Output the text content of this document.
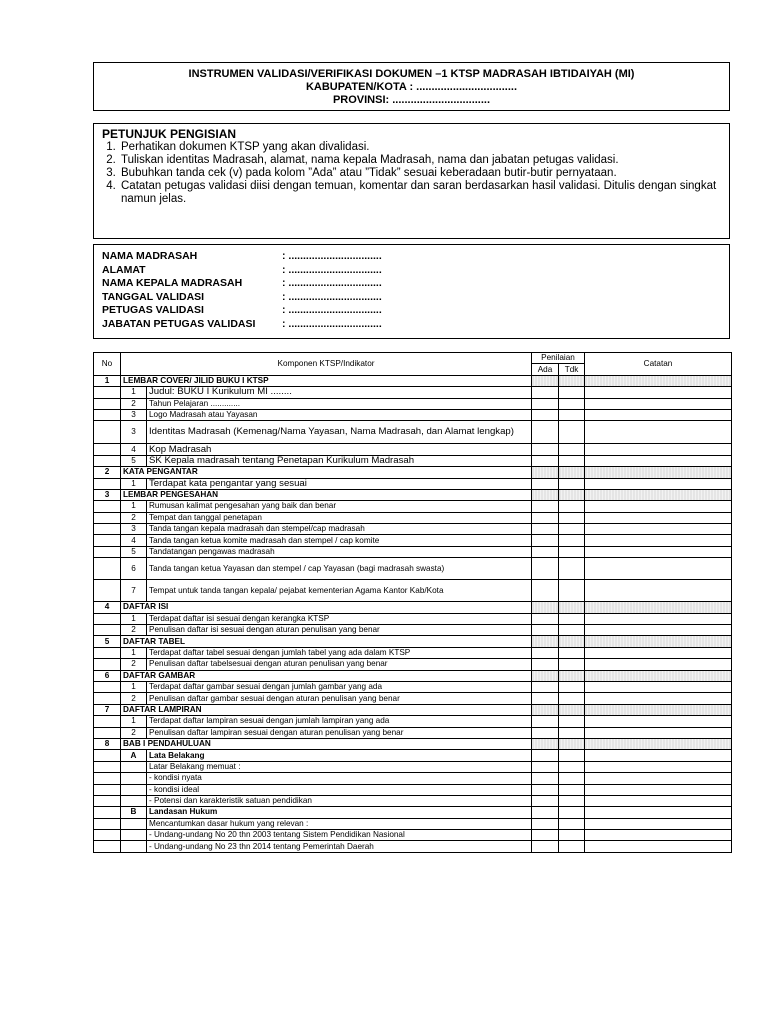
INSTRUMEN VALIDASI/VERIFIKASI DOKUMEN –1 KTSP MADRASAH IBTIDAIYAH (MI)
KABUPATEN/KOTA : .................................
PROVINSI: ................................
PETUNJUK PENGISIAN
1. Perhatikan dokumen KTSP yang akan divalidasi.
2. Tuliskan identitas Madrasah, alamat, nama kepala Madrasah, nama dan jabatan petugas validasi.
3. Bubuhkan tanda cek (v) pada kolom ”Ada” atau ”Tidak” sesuai keberadaan butir-butir pernyataan.
4. Catatan petugas validasi diisi dengan temuan, komentar dan saran berdasarkan hasil validasi. Ditulis dengan singkat namun jelas.
NAMA MADRASAH	: ................................
ALAMAT	: ................................
NAMA KEPALA MADRASAH	: ................................
TANGGAL VALIDASI	: ................................
PETUGAS VALIDASI	: ................................
JABATAN PETUGAS VALIDASI	: ................................
No	Komponen KTSP/Indikator		Penilaian		Catatan
			Ada	Tdk	
1	LEMBAR COVER/ JILID BUKU I KTSP				
	1	Judul: BUKU I Kurikulum MI ........			
	2	Tahun Pelajaran .............			
	3	Logo Madrasah atau Yayasan			
	3	Identitas Madrasah (Kemenag/Nama Yayasan, Nama Madrasah, dan Alamat lengkap)			
	4	Kop Madrasah			
	5	SK Kepala madrasah tentang Penetapan Kurikulum Madrasah			
2	KATA PENGANTAR				
	1	Terdapat kata pengantar yang sesuai			
3	LEMBAR PENGESAHAN				
	1	Rumusan kalimat pengesahan yang baik dan benar			
	2	Tempat dan tanggal penetapan			
	3	Tanda tangan kepala madrasah dan stempel/cap madrasah			
	4	Tanda tangan ketua komite madrasah dan stempel / cap komite			
	5	Tandatangan pengawas madrasah			
	6	Tanda tangan ketua Yayasan dan stempel / cap Yayasan (bagi madrasah swasta)			
	7	Tempat untuk tanda tangan kepala/ pejabat kementerian Agama Kantor Kab/Kota			
4	DAFTAR ISI				
	1	Terdapat daftar isi sesuai dengan kerangka KTSP			
	2	Penulisan daftar isi sesuai dengan aturan penulisan yang benar			
5	DAFTAR TABEL				
	1	Terdapat daftar tabel sesuai dengan jumlah tabel yang ada dalam KTSP			
	2	Penulisan daftar tabelsesuai dengan aturan penulisan yang benar			
6	DAFTAR GAMBAR				
	1	Terdapat daftar gambar sesuai dengan jumlah gambar yang ada			
	2	Penulisan daftar gambar sesuai dengan aturan penulisan yang benar			
7	DAFTAR LAMPIRAN				
	1	Terdapat daftar lampiran sesuai dengan jumlah lampiran yang ada			
	2	Penulisan daftar lampiran sesuai dengan aturan penulisan yang benar			
8	BAB I PENDAHULUAN				
	A	Lata Belakang			
		Latar Belakang memuat :			
		- kondisi nyata			
		- kondisi ideal			
		- Potensi dan karakteristik satuan pendidikan			
	B	Landasan Hukum			
		Mencantumkan dasar hukum yang relevan :			
		- Undang-undang No 20 thn 2003 tentang Sistem Pendidikan Nasional			
		- Undang-undang No 23 thn 2014 tentang Pemerintah Daerah			
